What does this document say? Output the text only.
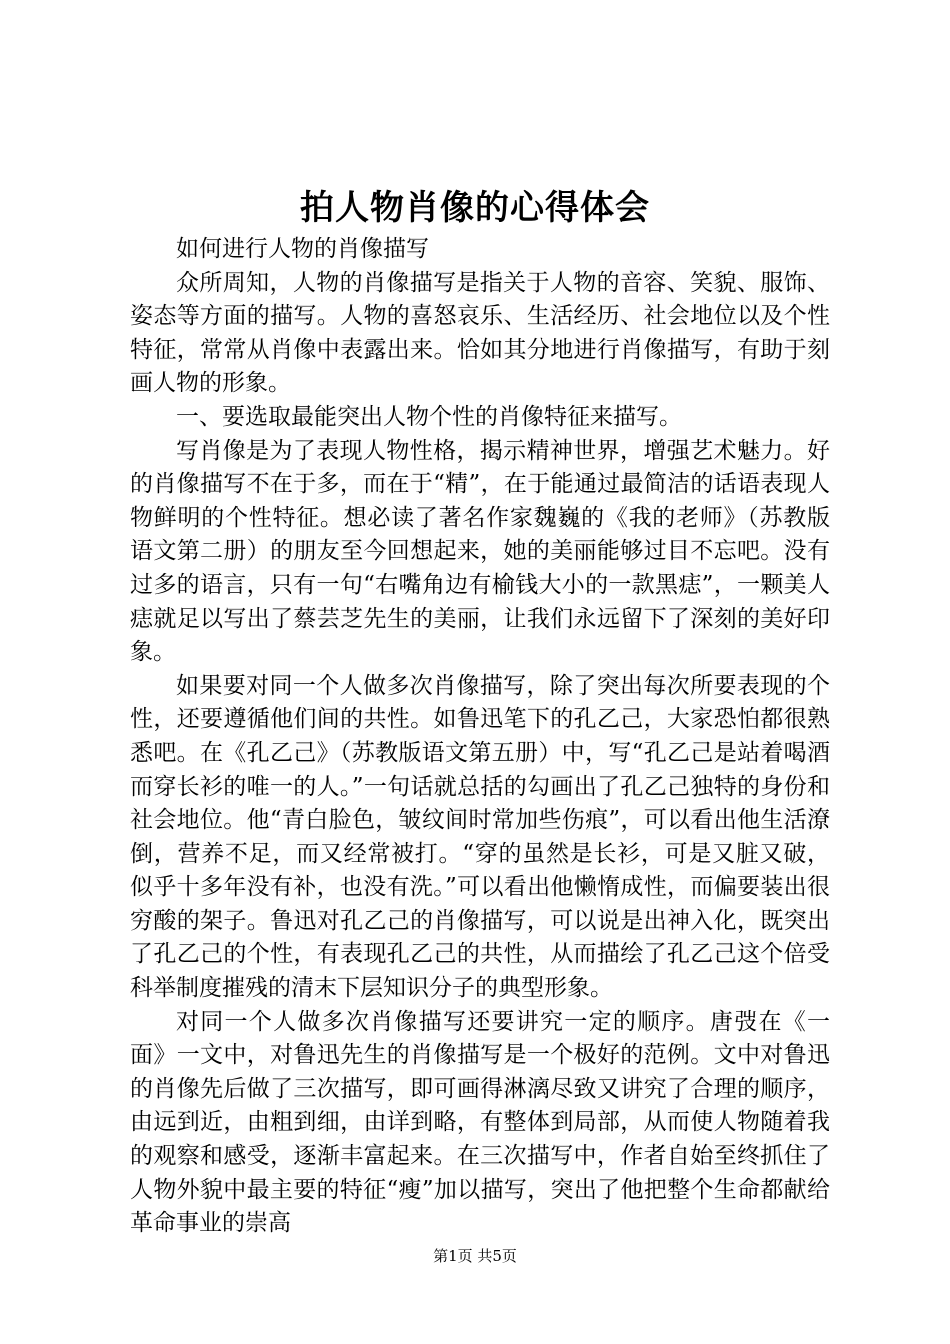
拍人物肖像的心得体会

如何进行人物的肖像描写

众所周知，人物的肖像描写是指关于人物的音容、笑貌、服饰、姿态等方面的描写。人物的喜怒哀乐、生活经历、社会地位以及个性特征，常常从肖像中表露出来。恰如其分地进行肖像描写，有助于刻画人物的形象。

一、要选取最能突出人物个性的肖像特征来描写。

写肖像是为了表现人物性格，揭示精神世界，增强艺术魅力。好的肖像描写不在于多，而在于“精”，在于能通过最简洁的话语表现人物鲜明的个性特征。想必读了著名作家魏巍的《我的老师》（苏教版语文第二册）的朋友至今回想起来，她的美丽能够过目不忘吧。没有过多的语言，只有一句“右嘴角边有榆钱大小的一款黑痣”，一颗美人痣就足以写出了蔡芸芝先生的美丽，让我们永远留下了深刻的美好印象。

如果要对同一个人做多次肖像描写，除了突出每次所要表现的个性，还要遵循他们间的共性。如鲁迅笔下的孔乙己，大家恐怕都很熟悉吧。在《孔乙己》（苏教版语文第五册）中，写“孔乙己是站着喝酒而穿长衫的唯一的人。”一句话就总括的勾画出了孔乙己独特的身份和社会地位。他“青白脸色，皱纹间时常加些伤痕”，可以看出他生活潦倒，营养不足，而又经常被打。“穿的虽然是长衫，可是又脏又破，似乎十多年没有补，也没有洗。”可以看出他懒惰成性，而偏要装出很穷酸的架子。鲁迅对孔乙己的肖像描写，可以说是出神入化，既突出了孔乙己的个性，有表现孔乙己的共性，从而描绘了孔乙己这个倍受科举制度摧残的清末下层知识分子的典型形象。

对同一个人做多次肖像描写还要讲究一定的顺序。唐弢在《一面》一文中，对鲁迅先生的肖像描写是一个极好的范例。文中对鲁迅的肖像先后做了三次描写，即可画得淋漓尽致又讲究了合理的顺序，由远到近，由粗到细，由详到略，有整体到局部，从而使人物随着我的观察和感受，逐渐丰富起来。在三次描写中，作者自始至终抓住了人物外貌中最主要的特征“瘦”加以描写，突出了他把整个生命都献给革命事业的崇高

第1页 共5页
